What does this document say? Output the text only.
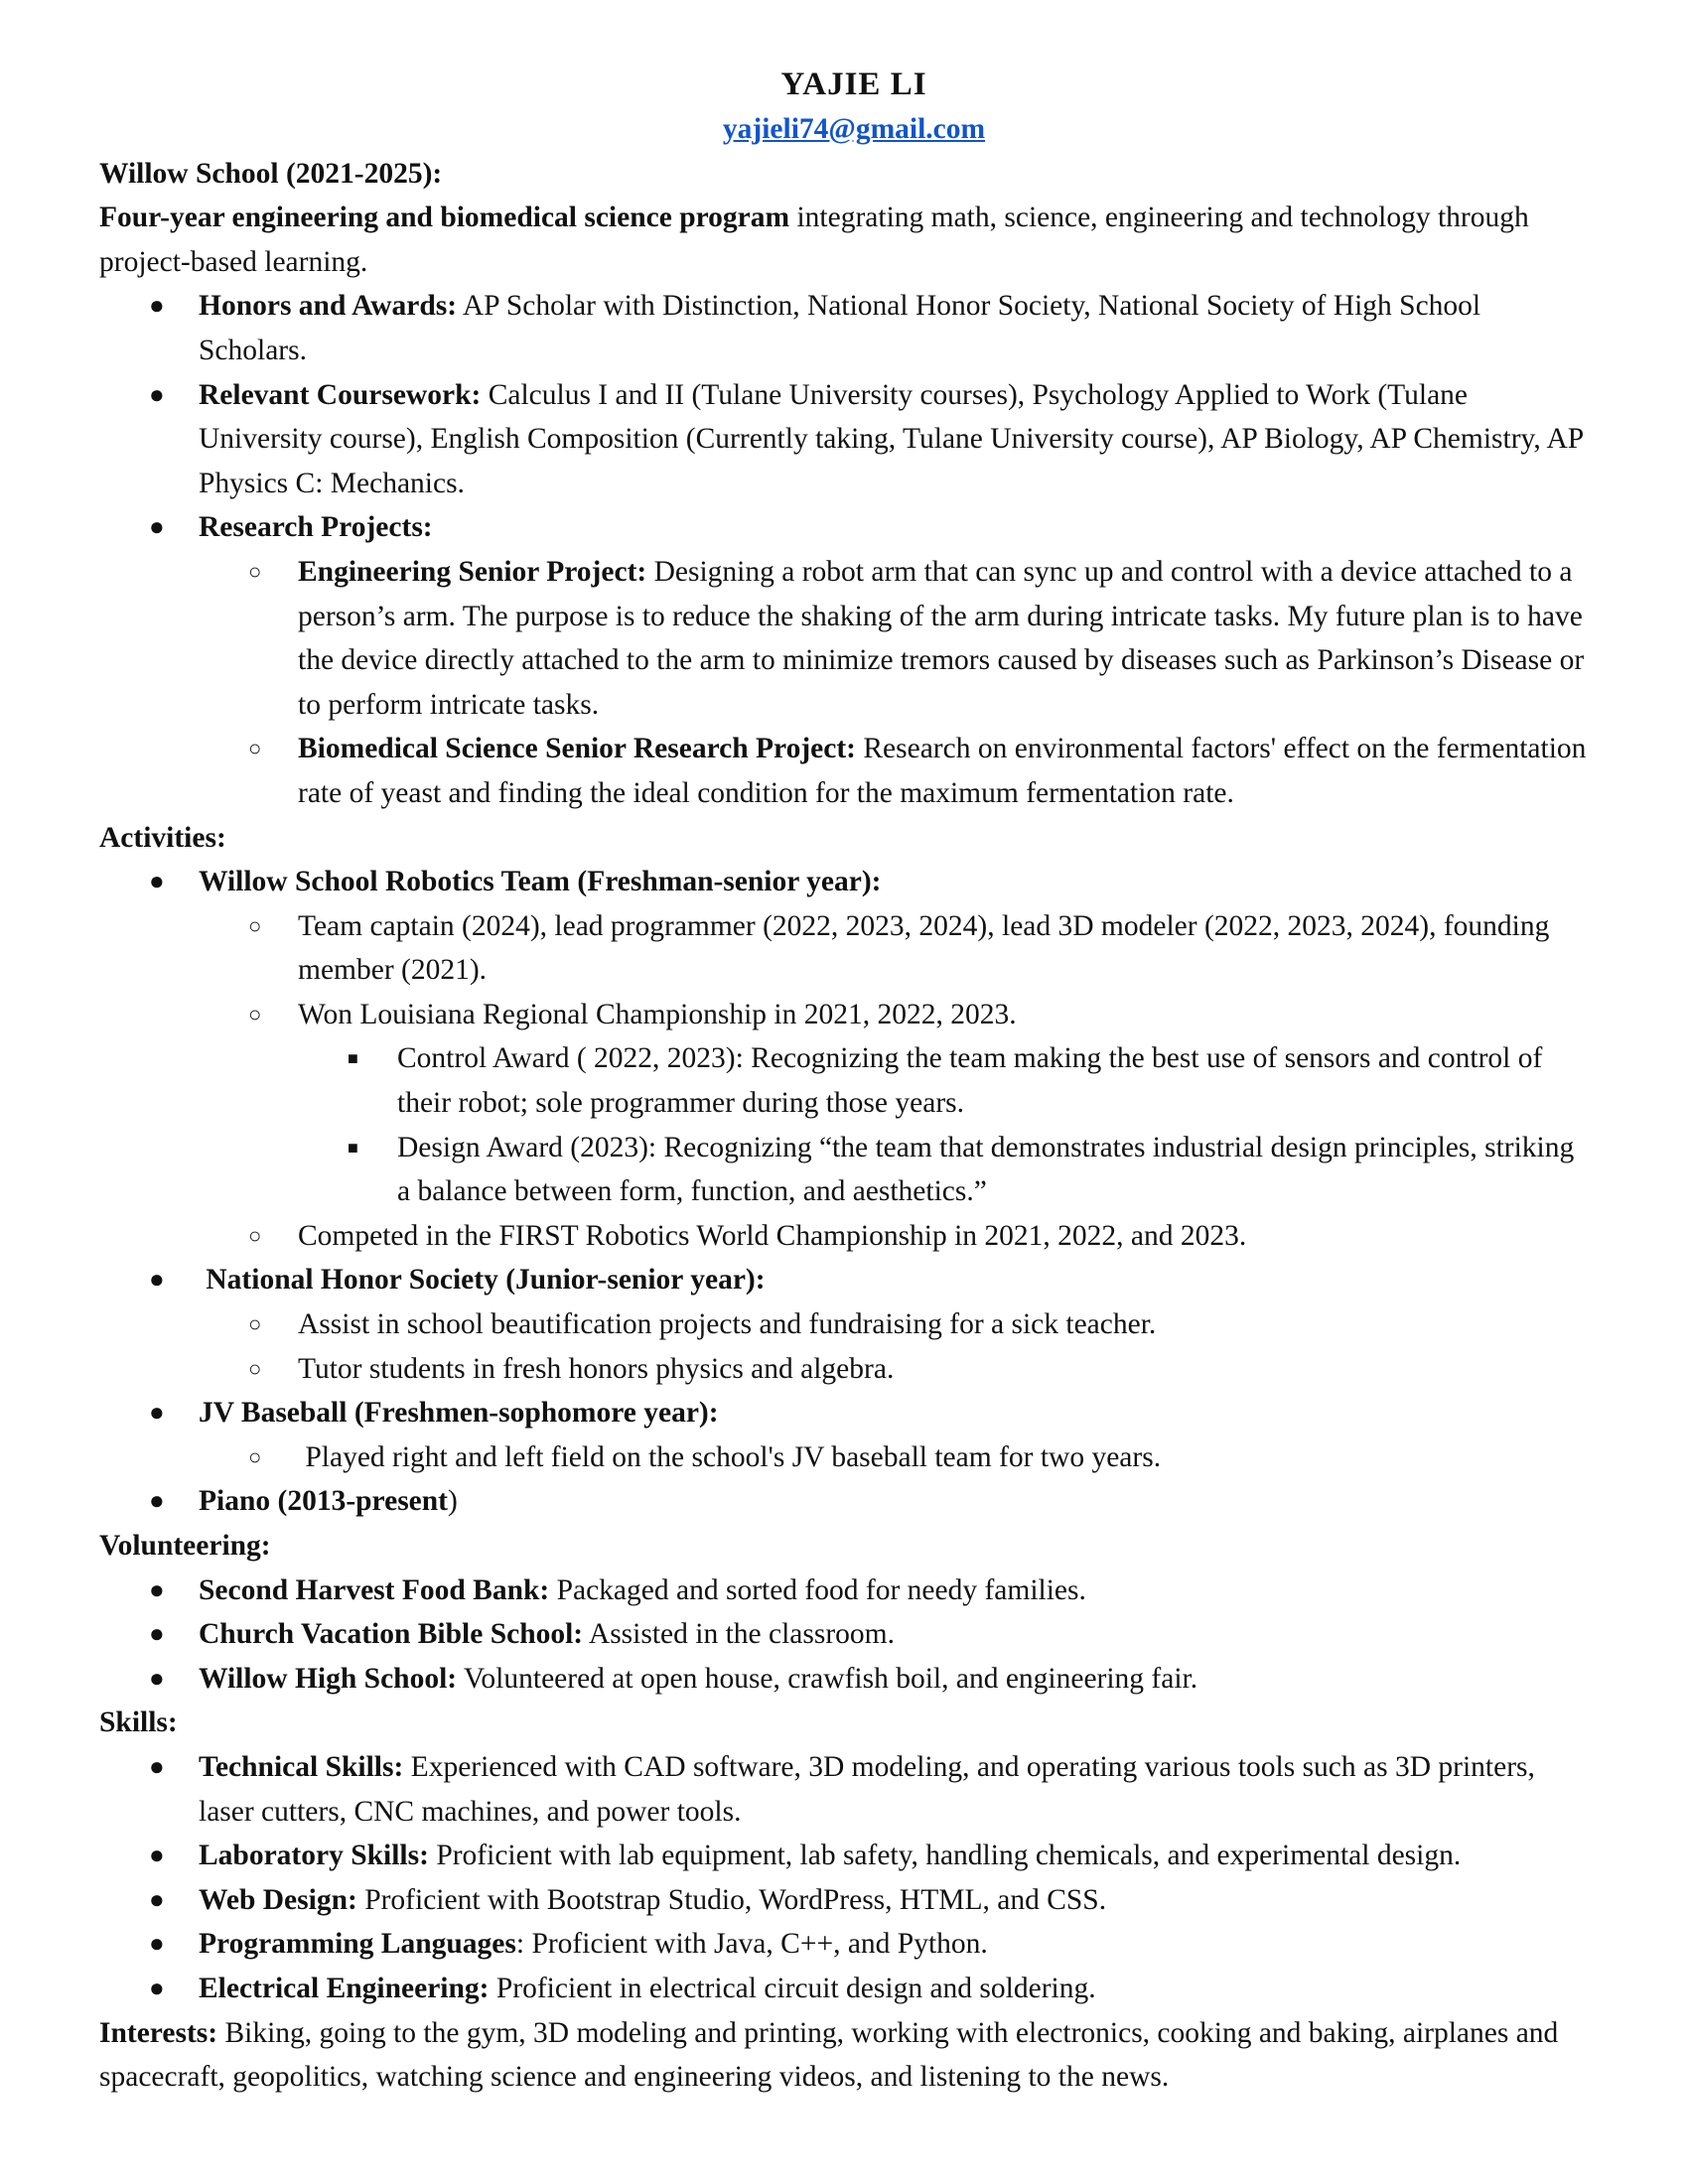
YAJIE LI
yajieli74@gmail.com
Willow School (2021-2025):
Four-year engineering and biomedical science program integrating math, science, engineering and technology through project-based learning.
● Honors and Awards: AP Scholar with Distinction, National Honor Society, National Society of High School Scholars.
● Relevant Coursework: Calculus I and II (Tulane University courses), Psychology Applied to Work (Tulane University course), English Composition (Currently taking, Tulane University course), AP Biology, AP Chemistry, AP Physics C: Mechanics.
● Research Projects:
○ Engineering Senior Project: Designing a robot arm that can sync up and control with a device attached to a person’s arm. The purpose is to reduce the shaking of the arm during intricate tasks. My future plan is to have the device directly attached to the arm to minimize tremors caused by diseases such as Parkinson’s Disease or to perform intricate tasks.
○ Biomedical Science Senior Research Project: Research on environmental factors' effect on the fermentation rate of yeast and finding the ideal condition for the maximum fermentation rate.
Activities:
● Willow School Robotics Team (Freshman-senior year):
○ Team captain (2024), lead programmer (2022, 2023, 2024), lead 3D modeler (2022, 2023, 2024), founding member (2021).
○ Won Louisiana Regional Championship in 2021, 2022, 2023.
■ Control Award ( 2022, 2023): Recognizing the team making the best use of sensors and control of their robot; sole programmer during those years.
■ Design Award (2023): Recognizing “the team that demonstrates industrial design principles, striking a balance between form, function, and aesthetics.”
○ Competed in the FIRST Robotics World Championship in 2021, 2022, and 2023.
● National Honor Society (Junior-senior year):
○ Assist in school beautification projects and fundraising for a sick teacher.
○ Tutor students in fresh honors physics and algebra.
● JV Baseball (Freshmen-sophomore year):
○ Played right and left field on the school's JV baseball team for two years.
● Piano (2013-present)
Volunteering:
● Second Harvest Food Bank: Packaged and sorted food for needy families.
● Church Vacation Bible School: Assisted in the classroom.
● Willow High School: Volunteered at open house, crawfish boil, and engineering fair.
Skills:
● Technical Skills: Experienced with CAD software, 3D modeling, and operating various tools such as 3D printers, laser cutters, CNC machines, and power tools.
● Laboratory Skills: Proficient with lab equipment, lab safety, handling chemicals, and experimental design.
● Web Design: Proficient with Bootstrap Studio, WordPress, HTML, and CSS.
● Programming Languages: Proficient with Java, C++, and Python.
● Electrical Engineering: Proficient in electrical circuit design and soldering.
Interests: Biking, going to the gym, 3D modeling and printing, working with electronics, cooking and baking, airplanes and spacecraft, geopolitics, watching science and engineering videos, and listening to the news.
